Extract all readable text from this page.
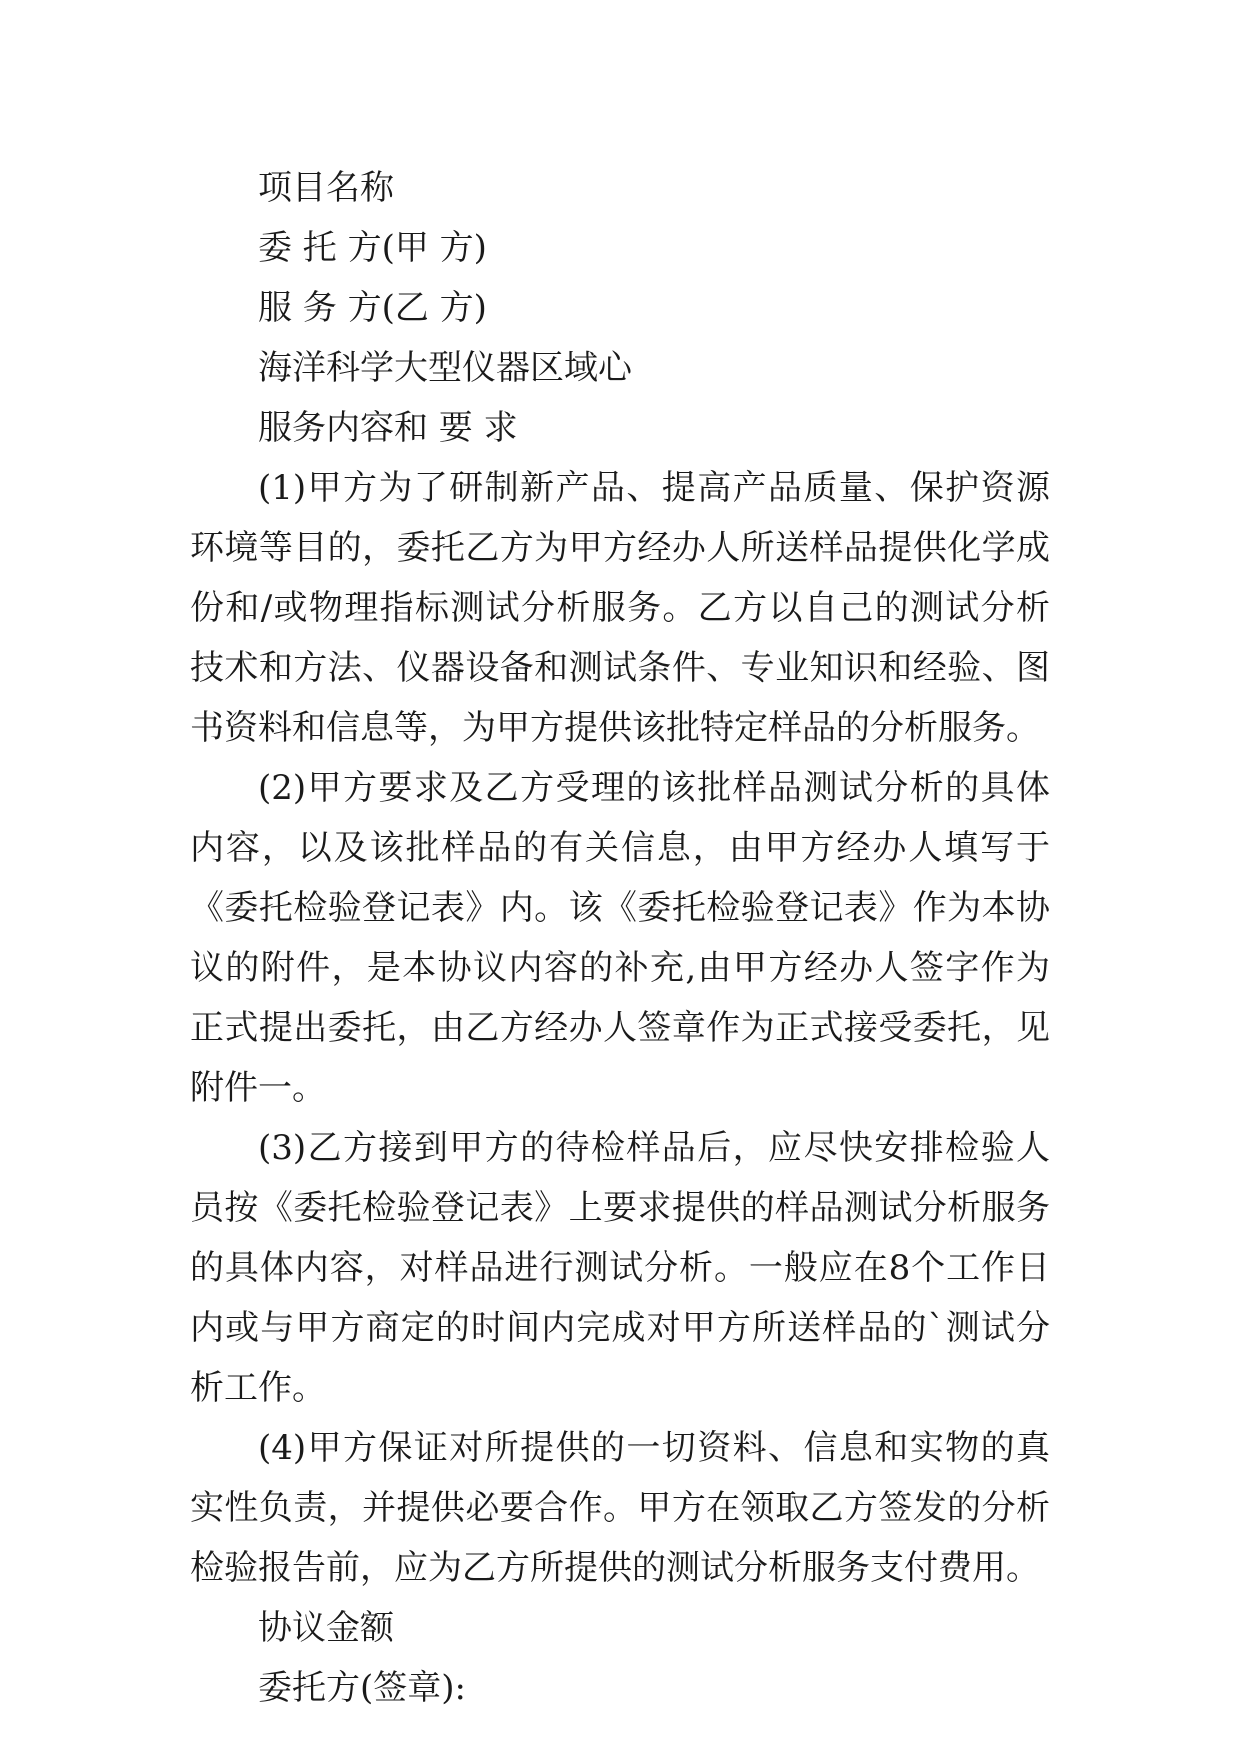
项目名称
委 托 方(甲 方)
服 务 方(乙 方)
海洋科学大型仪器区域心
服务内容和 要 求

(1)甲方为了研制新产品、提高产品质量、保护资源环境等目的，委托乙方为甲方经办人所送样品提供化学成份和/或物理指标测试分析服务。乙方以自己的测试分析技术和方法、仪器设备和测试条件、专业知识和经验、图书资料和信息等，为甲方提供该批特定样品的分析服务。

(2)甲方要求及乙方受理的该批样品测试分析的具体内容，以及该批样品的有关信息，由甲方经办人填写于《委托检验登记表》内。该《委托检验登记表》作为本协议的附件，是本协议内容的补充,由甲方经办人签字作为正式提出委托，由乙方经办人签章作为正式接受委托，见附件一。

(3)乙方接到甲方的待检样品后，应尽快安排检验人员按《委托检验登记表》上要求提供的样品测试分析服务的具体内容，对样品进行测试分析。一般应在8个工作日内或与甲方商定的时间内完成对甲方所送样品的`测试分析工作。

(4)甲方保证对所提供的一切资料、信息和实物的真实性负责，并提供必要合作。甲方在领取乙方签发的分析检验报告前，应为乙方所提供的测试分析服务支付费用。

协议金额
委托方(签章):
